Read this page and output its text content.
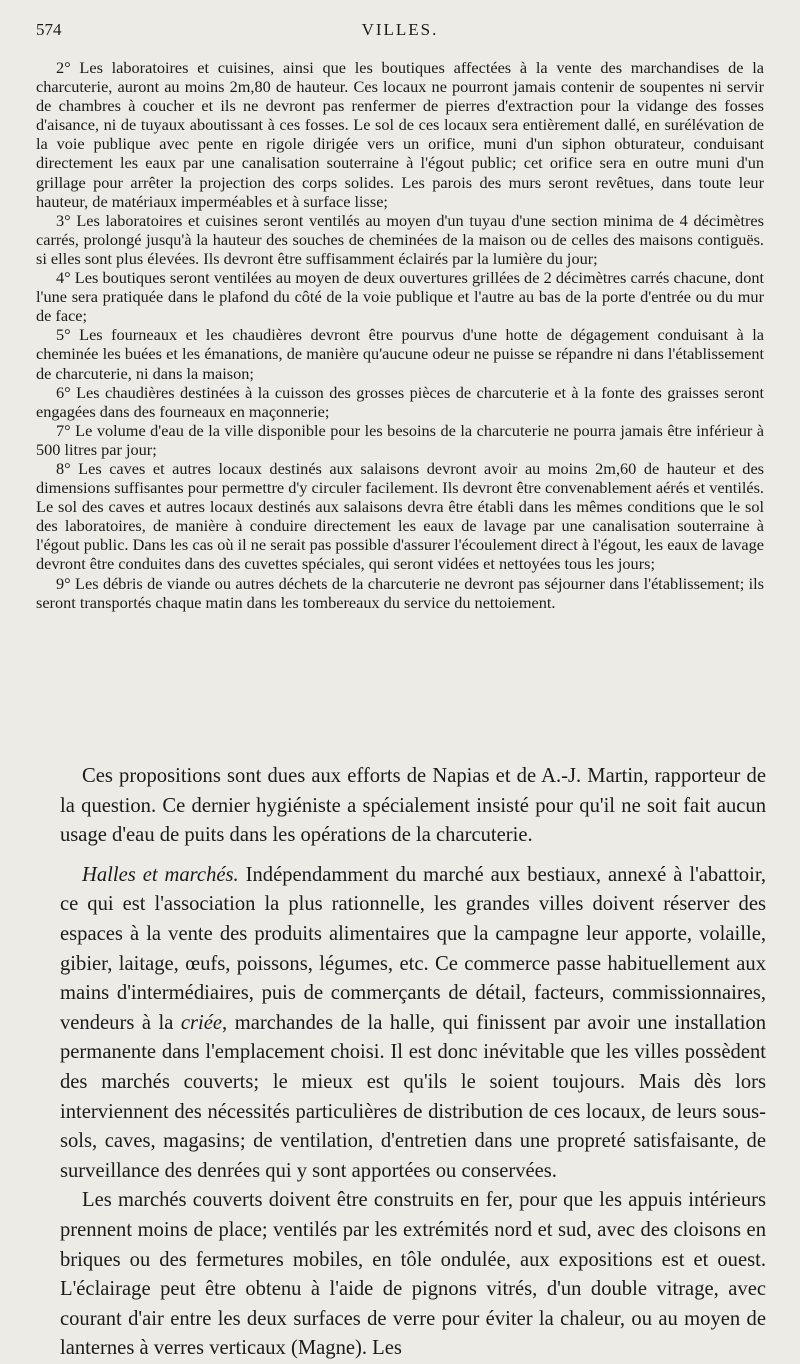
574	VILLES.

2° Les laboratoires et cuisines, ainsi que les boutiques affectées à la vente des marchandises de la charcuterie, auront au moins 2m,80 de hauteur. Ces locaux ne pourront jamais contenir de soupentes ni servir de chambres à coucher et ils ne devront pas renfermer de pierres d'extraction pour la vidange des fosses d'aisance, ni de tuyaux aboutissant à ces fosses. Le sol de ces locaux sera entièrement dallé, en surélévation de la voie publique avec pente en rigole dirigée vers un orifice, muni d'un siphon obturateur, conduisant directement les eaux par une canalisation souterraine à l'égout public; cet orifice sera en outre muni d'un grillage pour arrêter la projection des corps solides. Les parois des murs seront revêtues, dans toute leur hauteur, de matériaux imperméables et à surface lisse;

3° Les laboratoires et cuisines seront ventilés au moyen d'un tuyau d'une section minima de 4 décimètres carrés, prolongé jusqu'à la hauteur des souches de cheminées de la maison ou de celles des maisons contiguës. si elles sont plus élevées. Ils devront être suffisamment éclairés par la lumière du jour;

4° Les boutiques seront ventilées au moyen de deux ouvertures grillées de 2 décimètres carrés chacune, dont l'une sera pratiquée dans le plafond du côté de la voie publique et l'autre au bas de la porte d'entrée ou du mur de face;

5° Les fourneaux et les chaudières devront être pourvus d'une hotte de dégagement conduisant à la cheminée les buées et les émanations, de manière qu'aucune odeur ne puisse se répandre ni dans l'établissement de charcuterie, ni dans la maison;

6° Les chaudières destinées à la cuisson des grosses pièces de charcuterie et à la fonte des graisses seront engagées dans des fourneaux en maçonnerie;

7° Le volume d'eau de la ville disponible pour les besoins de la charcuterie ne pourra jamais être inférieur à 500 litres par jour;

8° Les caves et autres locaux destinés aux salaisons devront avoir au moins 2m,60 de hauteur et des dimensions suffisantes pour permettre d'y circuler facilement. Ils devront être convenablement aérés et ventilés. Le sol des caves et autres locaux destinés aux salaisons devra être établi dans les mêmes conditions que le sol des laboratoires, de manière à conduire directement les eaux de lavage par une canalisation souterraine à l'égout public. Dans les cas où il ne serait pas possible d'assurer l'écoulement direct à l'égout, les eaux de lavage devront être conduites dans des cuvettes spéciales, qui seront vidées et nettoyées tous les jours;

9° Les débris de viande ou autres déchets de la charcuterie ne devront pas séjourner dans l'établissement; ils seront transportés chaque matin dans les tombereaux du service du nettoiement.

Ces propositions sont dues aux efforts de Napias et de A.-J. Martin, rapporteur de la question. Ce dernier hygiéniste a spécialement insisté pour qu'il ne soit fait aucun usage d'eau de puits dans les opérations de la charcuterie.

Halles et marchés. Indépendamment du marché aux bestiaux, annexé à l'abattoir, ce qui est l'association la plus rationnelle, les grandes villes doivent réserver des espaces à la vente des produits alimentaires que la campagne leur apporte, volaille, gibier, laitage, œufs, poissons, légumes, etc. Ce commerce passe habituellement aux mains d'intermédiaires, puis de commerçants de détail, facteurs, commissionnaires, vendeurs à la criée, marchandes de la halle, qui finissent par avoir une installation permanente dans l'emplacement choisi. Il est donc inévitable que les villes possèdent des marchés couverts; le mieux est qu'ils le soient toujours. Mais dès lors interviennent des nécessités particulières de distribution de ces locaux, de leurs sous-sols, caves, magasins; de ventilation, d'entretien dans une propreté satisfaisante, de surveillance des denrées qui y sont apportées ou conservées.

Les marchés couverts doivent être construits en fer, pour que les appuis intérieurs prennent moins de place; ventilés par les extrémités nord et sud, avec des cloisons en briques ou des fermetures mobiles, en tôle ondulée, aux expositions est et ouest. L'éclairage peut être obtenu à l'aide de pignons vitrés, d'un double vitrage, avec courant d'air entre les deux surfaces de verre pour éviter la chaleur, ou au moyen de lanternes à verres verticaux (Magne). Les
